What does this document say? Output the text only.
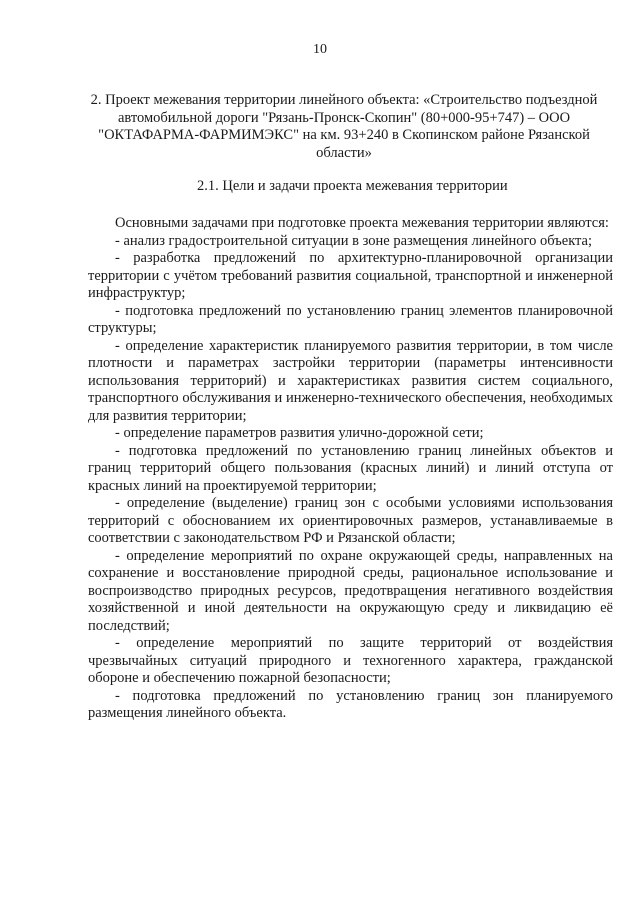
10
2. Проект межевания территории линейного объекта: «Строительство подъездной автомобильной дороги "Рязань-Пронск-Скопин" (80+000-95+747) – ООО "ОКТАФАРМА-ФАРМИМЭКС" на км. 93+240 в Скопинском районе Рязанской области»
2.1. Цели и задачи проекта межевания территории

Основными задачами при подготовке проекта межевания территории являются:

- анализ градостроительной ситуации в зоне размещения линейного объекта;

- разработка предложений по архитектурно-планировочной организации территории с учётом требований развития социальной, транспортной и инженерной инфраструктур;

- подготовка предложений по установлению границ элементов планировочной структуры;

- определение характеристик планируемого развития территории, в том числе плотности и параметрах застройки территории (параметры интенсивности использования территорий) и характеристиках развития систем социального, транспортного обслуживания и инженерно-технического обеспечения, необходимых для развития территории;

- определение параметров развития улично-дорожной сети;

- подготовка предложений по установлению границ линейных объектов и границ территорий общего пользования (красных линий) и линий отступа от красных линий на проектируемой территории;

- определение (выделение) границ зон с особыми условиями использования территорий с обоснованием их ориентировочных размеров, устанавливаемые в соответствии с законодательством РФ и Рязанской области;

- определение мероприятий по охране окружающей среды, направленных на сохранение и восстановление природной среды, рациональное использование и воспроизводство природных ресурсов, предотвращения негативного воздействия хозяйственной и иной деятельности на окружающую среду и ликвидацию её последствий;

- определение мероприятий по защите территорий от воздействия чрезвычайных ситуаций природного и техногенного характера, гражданской обороне и обеспечению пожарной безопасности;

- подготовка предложений по установлению границ зон планируемого размещения линейного объекта.
